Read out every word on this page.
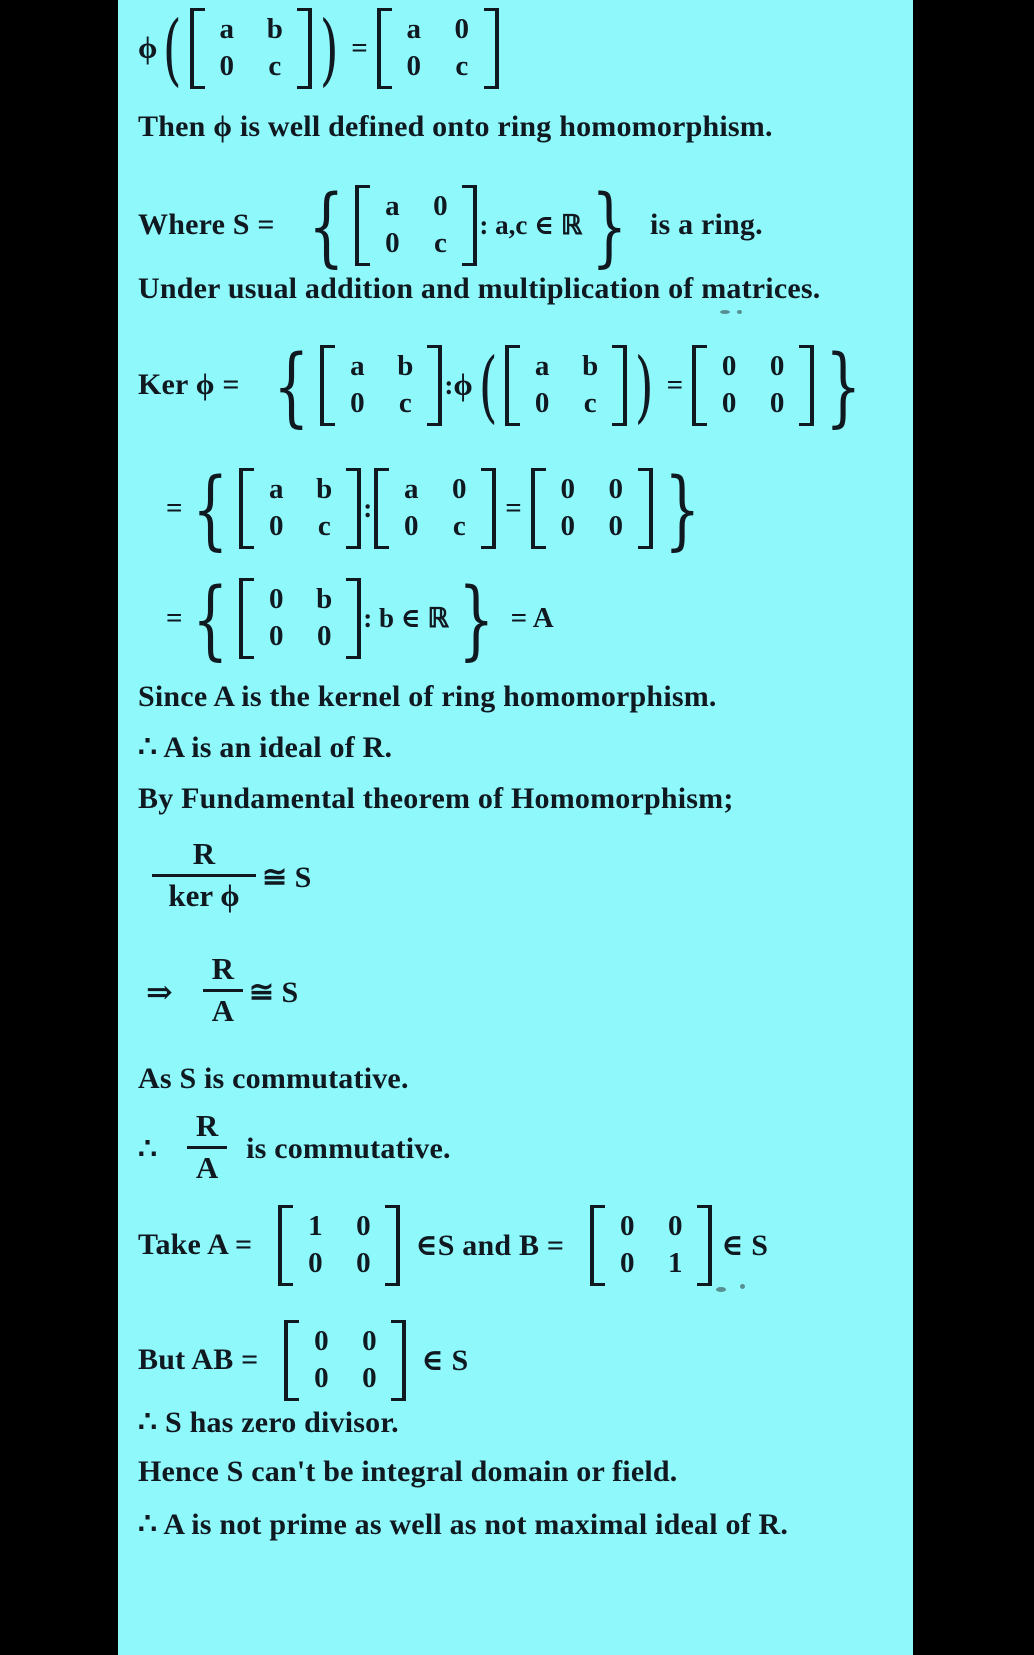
ϕ (	a	b
0	c ) =
a	0
0	c
Then ϕ is well defined onto ring homomorphism.
Where S = {	a	0
0	c
: a,c ∈ ℝ } is a ring.
Under usual addition and multiplication of matrices.
Ker ϕ = {	a	b
0	c
: ϕ (	a	b
0	c ) =
0	0
0	0 }
= {	a	b
0	c
:
a	0
0	c
=
0	0
0	0 }
= {	0	b
0	0
: b ∈ ℝ } = A
Since A is the kernel of ring homomorphism.
∴ A is an ideal of R.
By Fundamental theorem of Homomorphism;
$\frac{R}{\text{ker ϕ}}$ ≅ S
⇒ $\frac{R}{A}$ ≅ S
As S is commutative.
∴ $\frac{R}{A}$ is commutative.
Take A =
1	0
0	0
∈S and B =
0	0
0	1
∈ S
But AB =
0	0
0	0
∈ S
∴ S has zero divisor.
Hence S can't be integral domain or field.
∴ A is not prime as well as not maximal ideal of R.
